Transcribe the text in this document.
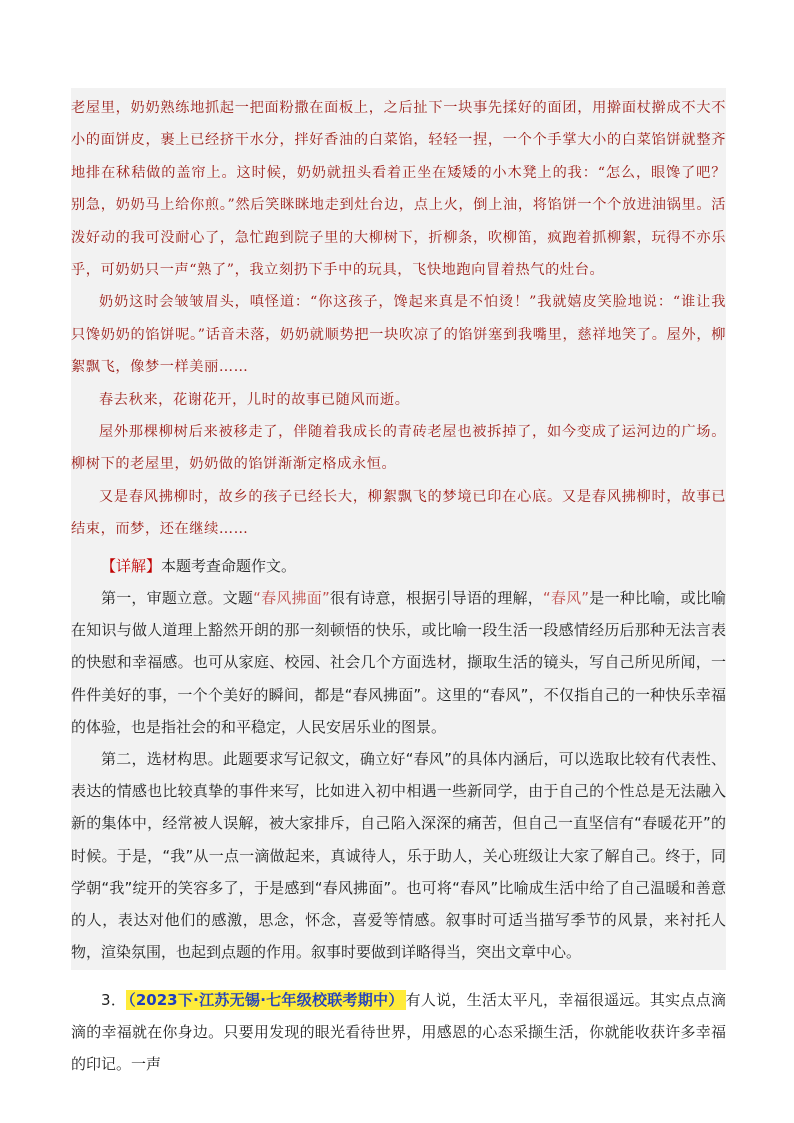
老屋里，奶奶熟练地抓起一把面粉撒在面板上，之后扯下一块事先揉好的面团，用擀面杖擀成不大不小的面饼皮，裹上已经挤干水分，拌好香油的白菜馅，轻轻一捏，一个个手掌大小的白菜馅饼就整齐地排在秫秸做的盖帘上。这时候，奶奶就扭头看着正坐在矮矮的小木凳上的我：“怎么，眼馋了吧？别急，奶奶马上给你煎。”然后笑眯眯地走到灶台边，点上火，倒上油，将馅饼一个个放进油锅里。活泼好动的我可没耐心了，急忙跑到院子里的大柳树下，折柳条，吹柳笛，疯跑着抓柳絮，玩得不亦乐乎，可奶奶只一声“熟了”，我立刻扔下手中的玩具，飞快地跑向冒着热气的灶台。

奶奶这时会皱皱眉头，嗔怪道：“你这孩子，馋起来真是不怕烫！”我就嬉皮笑脸地说：“谁让我只馋奶奶的馅饼呢。”话音未落，奶奶就顺势把一块吹凉了的馅饼塞到我嘴里，慈祥地笑了。屋外，柳絮飘飞，像梦一样美丽……

春去秋来，花谢花开，儿时的故事已随风而逝。

屋外那棵柳树后来被移走了，伴随着我成长的青砖老屋也被拆掉了，如今变成了运河边的广场。柳树下的老屋里，奶奶做的馅饼渐渐定格成永恒。

又是春风拂柳时，故乡的孩子已经长大，柳絮飘飞的梦境已印在心底。又是春风拂柳时，故事已结束，而梦，还在继续……

【详解】本题考查命题作文。

第一，审题立意。文题“春风拂面”很有诗意，根据引导语的理解，“春风”是一种比喻，或比喻在知识与做人道理上豁然开朗的那一刻顿悟的快乐，或比喻一段生活一段感情经历后那种无法言表的快慰和幸福感。也可从家庭、校园、社会几个方面选材，撷取生活的镜头，写自己所见所闻，一件件美好的事，一个个美好的瞬间，都是“春风拂面”。这里的“春风”，不仅指自己的一种快乐幸福的体验，也是指社会的和平稳定，人民安居乐业的图景。

第二，选材构思。此题要求写记叙文，确立好“春风”的具体内涵后，可以选取比较有代表性、表达的情感也比较真挚的事件来写，比如进入初中相遇一些新同学，由于自己的个性总是无法融入新的集体中，经常被人误解，被大家排斥，自己陷入深深的痛苦，但自己一直坚信有“春暖花开”的时候。于是，“我”从一点一滴做起来，真诚待人，乐于助人，关心班级让大家了解自己。终于，同学朝“我”绽开的笑容多了，于是感到“春风拂面”。也可将“春风”比喻成生活中给了自己温暖和善意的人，表达对他们的感激，思念，怀念，喜爱等情感。叙事时可适当描写季节的风景，来衬托人物，渲染氛围，也起到点题的作用。叙事时要做到详略得当，突出文章中心。

3． （2023下·江苏无锡·七年级校联考期中） 有人说，生活太平凡，幸福很遥远。其实点点滴滴的幸福就在你身边。只要用发现的眼光看待世界，用感恩的心态采撷生活，你就能收获许多幸福的印记。一声
